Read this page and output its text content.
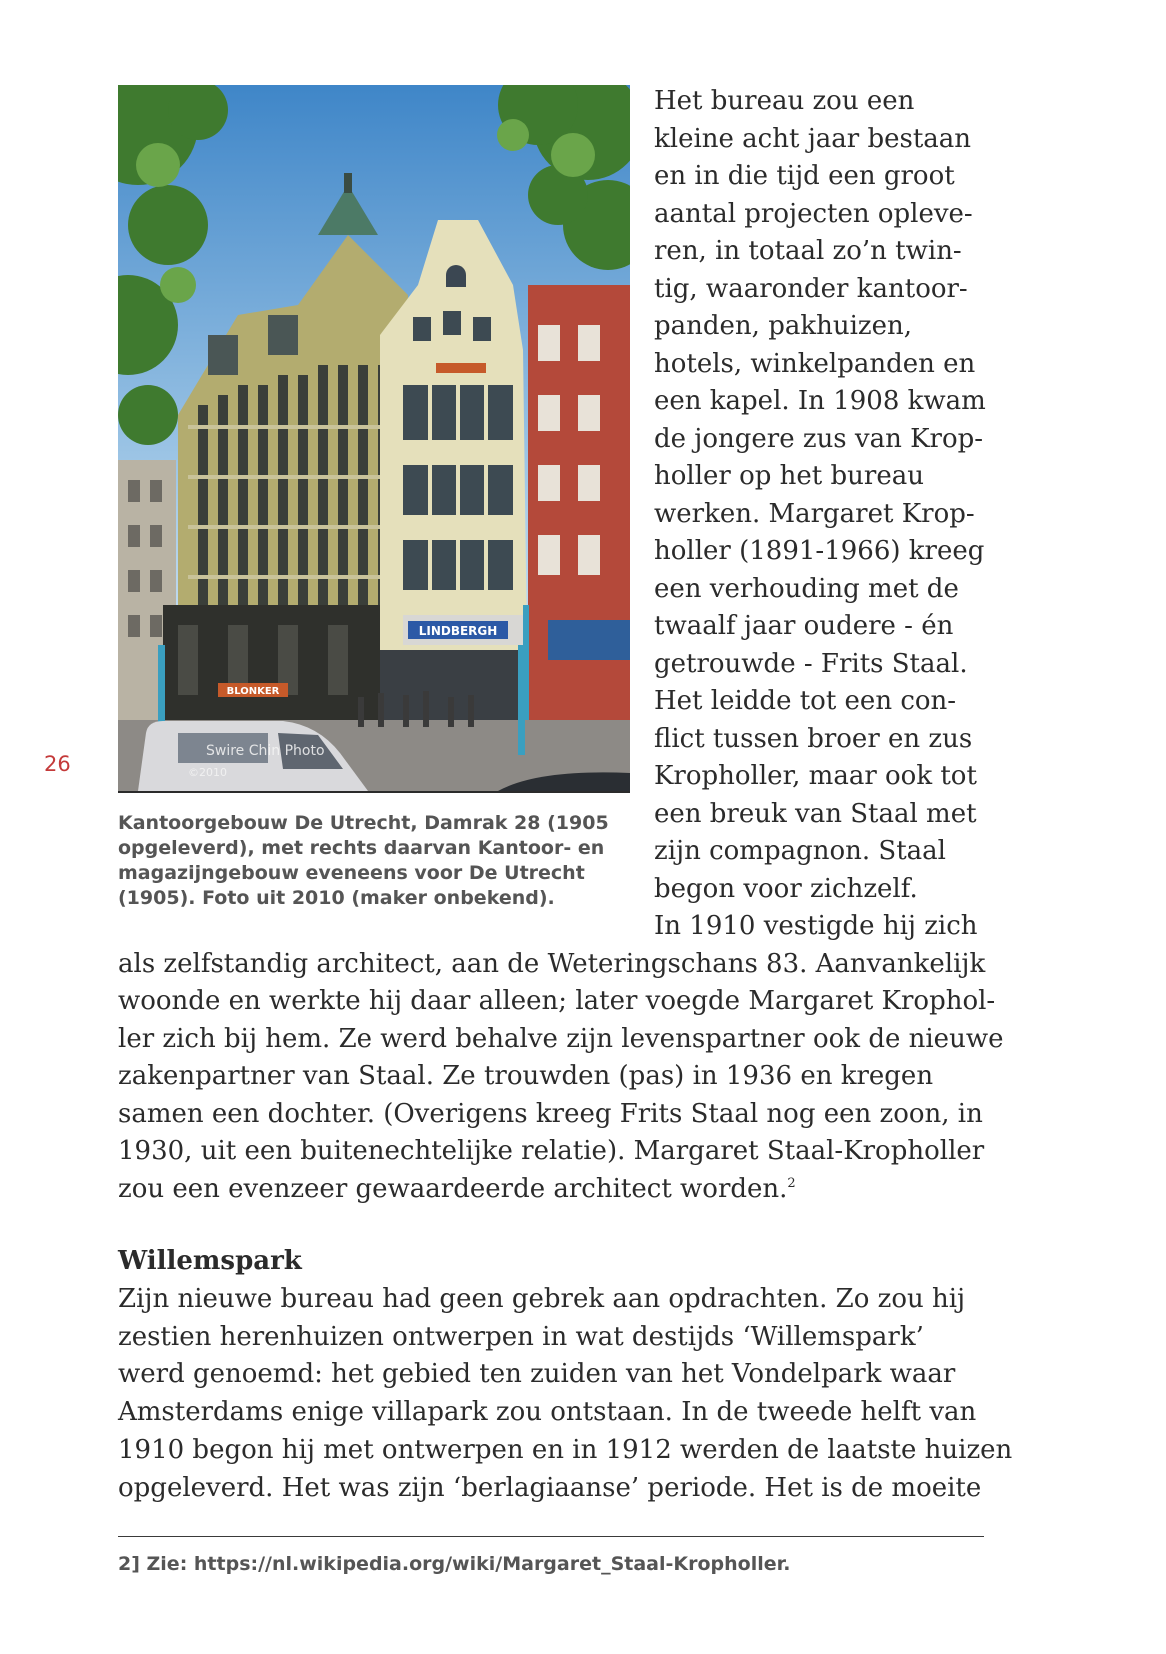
26
BLONKER
LINDBERGH
Swire Chin Photo
©2010

Kantoorgebouw De Utrecht, Damrak 28 (1905 opgeleverd), met rechts daarvan Kantoor- en magazijngebouw eveneens voor De Utrecht (1905). Foto uit 2010 (maker onbekend).

Het bureau zou een
kleine acht jaar bestaan
en in die tijd een groot
aantal projecten opleve-
ren, in totaal zo’n twin-
tig, waaronder kantoor-
panden, pakhuizen,
hotels, winkelpanden en
een kapel. In 1908 kwam
de jongere zus van Krop-
holler op het bureau
werken. Margaret Krop-
holler (1891-1966) kreeg
een verhouding met de
twaalf jaar oudere - én
getrouwde - Frits Staal.
Het leidde tot een con-
flict tussen broer en zus
Kropholler, maar ook tot
een breuk van Staal met
zijn compagnon. Staal
begon voor zichzelf.
In 1910 vestigde hij zich
als zelfstandig architect, aan de Weteringschans 83. Aanvankelijk
woonde en werkte hij daar alleen; later voegde Margaret Krophol-
ler zich bij hem. Ze werd behalve zijn levenspartner ook de nieuwe
zakenpartner van Staal. Ze trouwden (pas) in 1936 en kregen
samen een dochter. (Overigens kreeg Frits Staal nog een zoon, in
1930, uit een buitenechtelijke relatie). Margaret Staal-Kropholler
zou een evenzeer gewaardeerde architect worden.$^2$
Willemspark
Zijn nieuwe bureau had geen gebrek aan opdrachten. Zo zou hij
zestien herenhuizen ontwerpen in wat destijds ‘Willemspark’
werd genoemd: het gebied ten zuiden van het Vondelpark waar
Amsterdams enige villapark zou ontstaan. In de tweede helft van
1910 begon hij met ontwerpen en in 1912 werden de laatste huizen
opgeleverd. Het was zijn ‘berlagiaanse’ periode. Het is de moeite

2] Zie: https://nl.wikipedia.org/wiki/Margaret_Staal-Kropholler.
